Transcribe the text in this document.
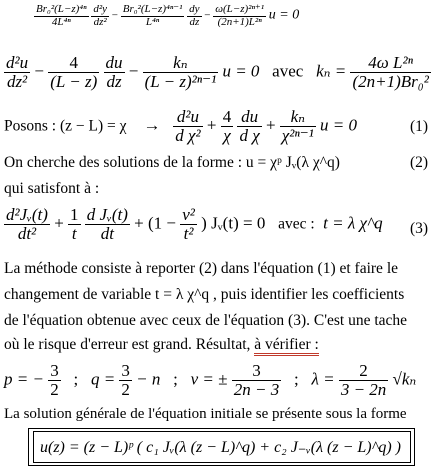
$\frac{\text{Br₀²(L−z)⁴ⁿ}}{\text{4L⁴ⁿ}}$
$\frac{\text{d²y}}{\text{dz²}} - \frac{\text{Br₀²(L−z)⁴ⁿ⁻¹}}{\text{L⁴ⁿ}}$
$\frac{dy}{dz} - \frac{\text{ω(L−z)²ⁿ⁺¹}}{\text{(2n+1)L²ⁿ}}$ u = 0
$\frac{\text{d²u}}{\text{dz²}} - \frac{4}{(L - z)}$
$\frac{du}{dz} - \frac{\text{kₙ}}{\text{(L − z)²ⁿ⁻¹}}$ u = 0 avec $k_n = \frac{\text{4ω L²ⁿ}}{\text{(2n+1)Br₀²}}$
Posons : $(z - L) = \chi \to \frac{\text{d²u}}{\text{d χ²}} + \frac{4}{\chi}$
$\frac{du}{\text{d χ}} + \frac{\text{kₙ}}{\text{χ²ⁿ⁻¹}}$ u = 0	(1)
On cherche des solutions de la forme : u = χᵖ Jᵥ(λ χ^q)	(2)
qui satisfont à :
$\frac{\text{d²Jᵥ(t)}}{\text{dt²}} + \frac{1}{t}$
$\frac{\text{d Jᵥ(t)}}{dt} + (1 - \frac{\text{ν²}}{\text{t²}}$ ) Jᵥ(t) = 0 avec : t = λ χ^q (3)
La méthode consiste à reporter (2) dans l'équation (1) et faire le
changement de variable t = λ χ^q , puis identifier les coefficients
de l'équation obtenue avec ceux de l'équation (3). C'est une tache
où le risque d'erreur est grand. Résultat, à vérifier :
p = − $\frac{3}{2}$ ; $q = \frac{3}{2} - n$ ; ν = ± $\frac{3}{2n - 3}$ ; $\lambda = \frac{2}{3 - 2n} √k_n$
La solution générale de l'équation initiale se présente sous la forme
u(z) = (z − L)ᵖ ( c₁ Jᵥ(λ (z − L)^q) + c₂ J₋ᵥ(λ (z − L)^q) )
